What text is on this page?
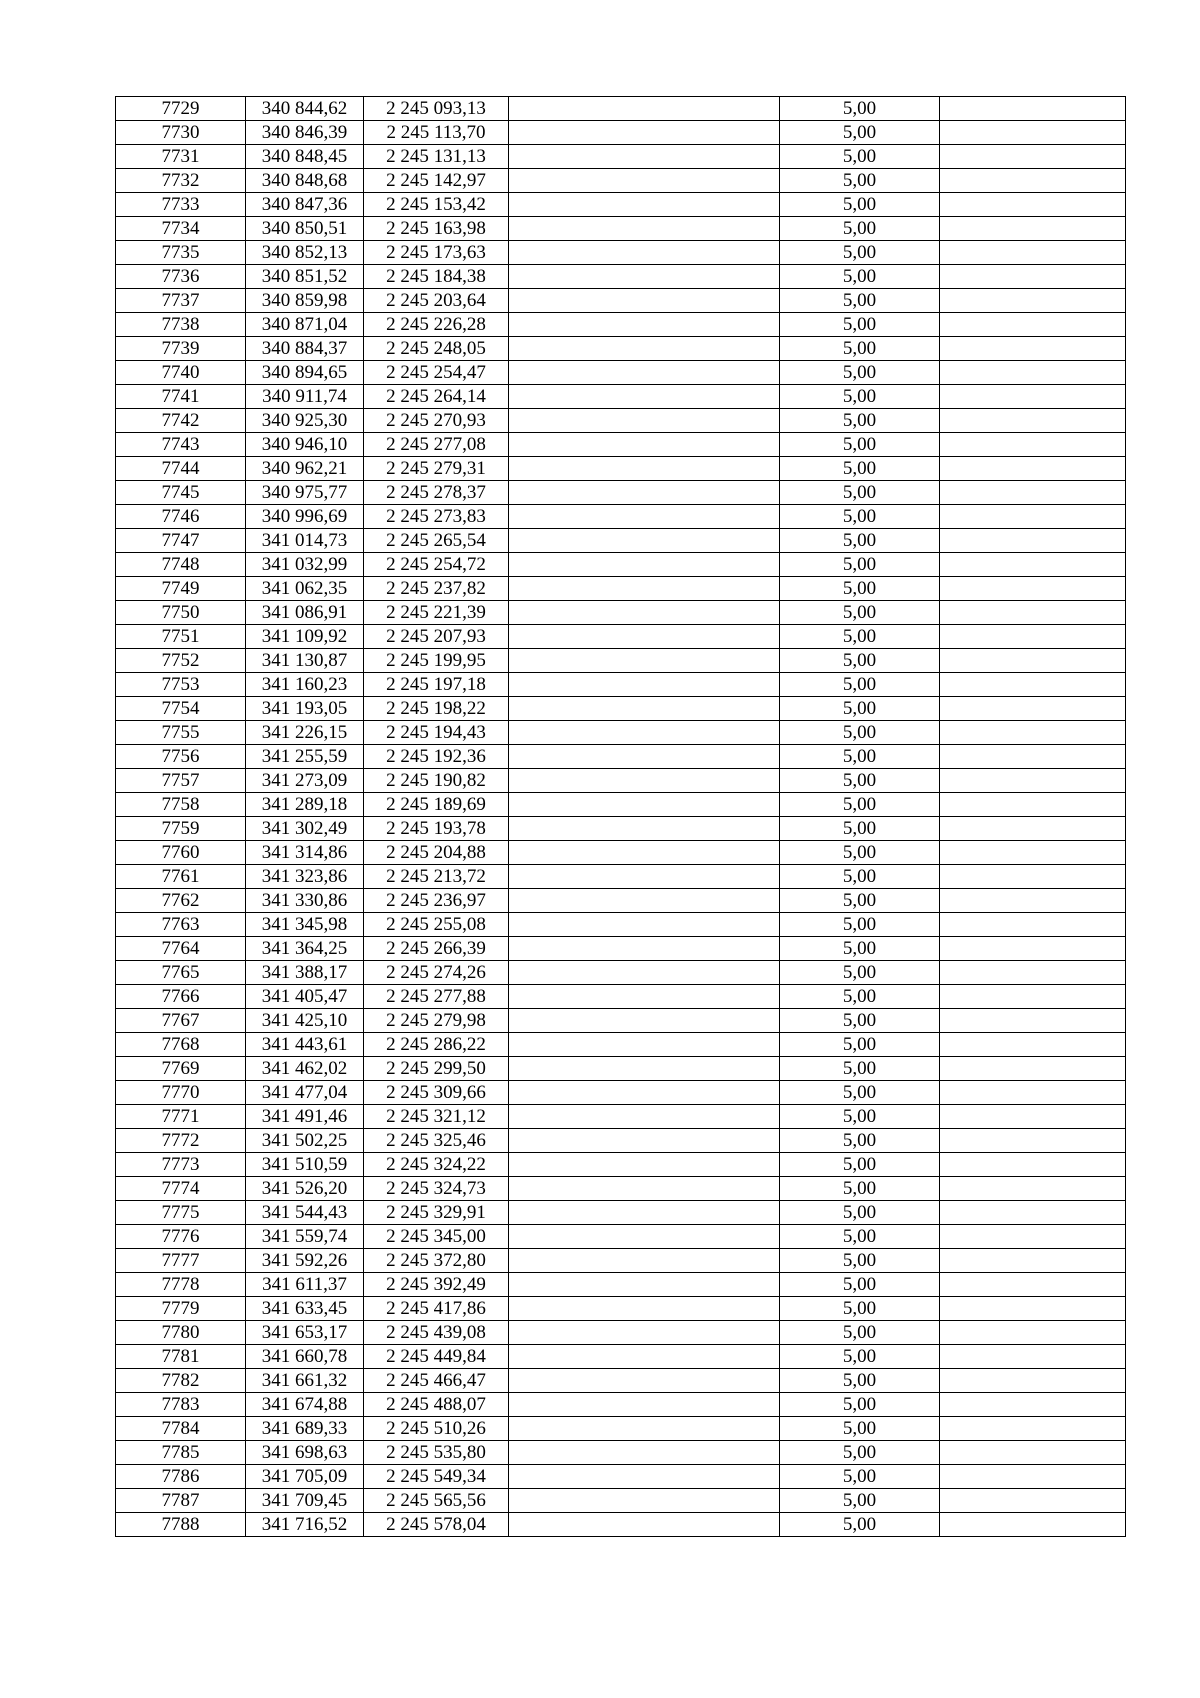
7729	340 844,62	2 245 093,13		5,00	
7730	340 846,39	2 245 113,70		5,00	
7731	340 848,45	2 245 131,13		5,00	
7732	340 848,68	2 245 142,97		5,00	
7733	340 847,36	2 245 153,42		5,00	
7734	340 850,51	2 245 163,98		5,00	
7735	340 852,13	2 245 173,63		5,00	
7736	340 851,52	2 245 184,38		5,00	
7737	340 859,98	2 245 203,64		5,00	
7738	340 871,04	2 245 226,28		5,00	
7739	340 884,37	2 245 248,05		5,00	
7740	340 894,65	2 245 254,47		5,00	
7741	340 911,74	2 245 264,14		5,00	
7742	340 925,30	2 245 270,93		5,00	
7743	340 946,10	2 245 277,08		5,00	
7744	340 962,21	2 245 279,31		5,00	
7745	340 975,77	2 245 278,37		5,00	
7746	340 996,69	2 245 273,83		5,00	
7747	341 014,73	2 245 265,54		5,00	
7748	341 032,99	2 245 254,72		5,00	
7749	341 062,35	2 245 237,82		5,00	
7750	341 086,91	2 245 221,39		5,00	
7751	341 109,92	2 245 207,93		5,00	
7752	341 130,87	2 245 199,95		5,00	
7753	341 160,23	2 245 197,18		5,00	
7754	341 193,05	2 245 198,22		5,00	
7755	341 226,15	2 245 194,43		5,00	
7756	341 255,59	2 245 192,36		5,00	
7757	341 273,09	2 245 190,82		5,00	
7758	341 289,18	2 245 189,69		5,00	
7759	341 302,49	2 245 193,78		5,00	
7760	341 314,86	2 245 204,88		5,00	
7761	341 323,86	2 245 213,72		5,00	
7762	341 330,86	2 245 236,97		5,00	
7763	341 345,98	2 245 255,08		5,00	
7764	341 364,25	2 245 266,39		5,00	
7765	341 388,17	2 245 274,26		5,00	
7766	341 405,47	2 245 277,88		5,00	
7767	341 425,10	2 245 279,98		5,00	
7768	341 443,61	2 245 286,22		5,00	
7769	341 462,02	2 245 299,50		5,00	
7770	341 477,04	2 245 309,66		5,00	
7771	341 491,46	2 245 321,12		5,00	
7772	341 502,25	2 245 325,46		5,00	
7773	341 510,59	2 245 324,22		5,00	
7774	341 526,20	2 245 324,73		5,00	
7775	341 544,43	2 245 329,91		5,00	
7776	341 559,74	2 245 345,00		5,00	
7777	341 592,26	2 245 372,80		5,00	
7778	341 611,37	2 245 392,49		5,00	
7779	341 633,45	2 245 417,86		5,00	
7780	341 653,17	2 245 439,08		5,00	
7781	341 660,78	2 245 449,84		5,00	
7782	341 661,32	2 245 466,47		5,00	
7783	341 674,88	2 245 488,07		5,00	
7784	341 689,33	2 245 510,26		5,00	
7785	341 698,63	2 245 535,80		5,00	
7786	341 705,09	2 245 549,34		5,00	
7787	341 709,45	2 245 565,56		5,00	
7788	341 716,52	2 245 578,04		5,00	
